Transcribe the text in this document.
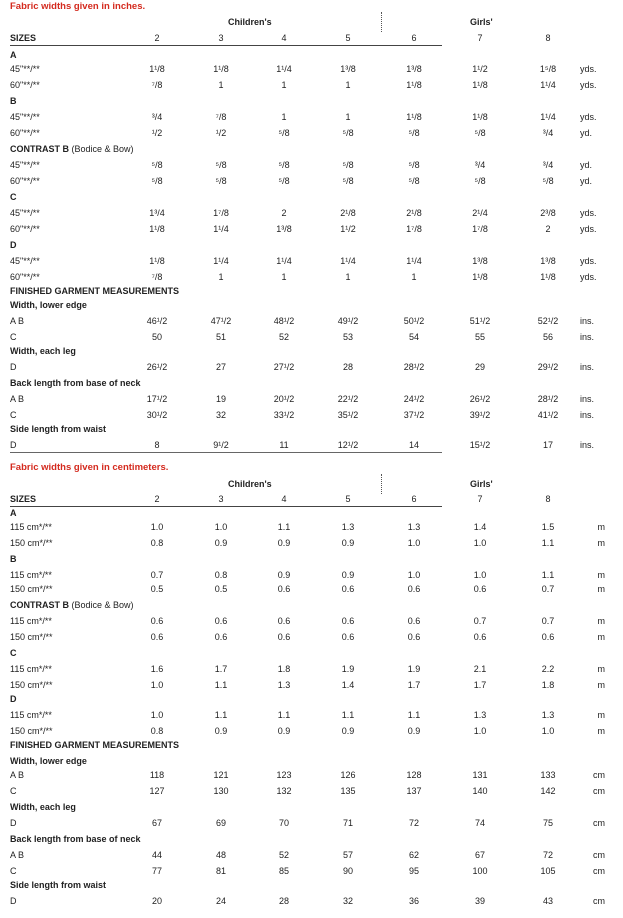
Fabric widths given in inches.
Children's	Girls'
SIZES	2	3	4	5	6	7	8
A
45"**/**	1¹/8	1¹/8	1¹/4	1³/8	1³/8	1¹/2	1⁵/8	yds.
60"**/**	⁷/8	1	1	1	1¹/8	1¹/8	1¹/4	yds.
B
45"**/**	³/4	⁷/8	1	1	1¹/8	1¹/8	1¹/4	yds.
60"**/**	¹/2	¹/2	⁵/8	⁵/8	⁵/8	⁵/8	³/4	yd.
CONTRAST B (Bodice & Bow)
45"**/**	⁵/8	⁵/8	⁵/8	⁵/8	⁵/8	³/4	³/4	yd.
60"**/**	⁵/8	⁵/8	⁵/8	⁵/8	⁵/8	⁵/8	⁵/8	yd.
C
45"**/**	1³/4	1⁷/8	2	2¹/8	2¹/8	2¹/4	2³/8	yds.
60"**/**	1¹/8	1¹/4	1³/8	1¹/2	1⁷/8	1⁷/8	2	yds.
D
45"**/**	1¹/8	1¹/4	1¹/4	1¹/4	1¹/4	1³/8	1³/8	yds.
60"**/**	⁷/8	1	1	1	1	1¹/8	1¹/8	yds.
FINISHED GARMENT MEASUREMENTS
Width, lower edge
A B	46¹/2	47¹/2	48¹/2	49¹/2	50¹/2	51¹/2	52¹/2	ins.
C	50	51	52	53	54	55	56	ins.
Width, each leg
D	26¹/2	27	27¹/2	28	28¹/2	29	29¹/2	ins.
Back length from base of neck
A B	17¹/2	19	20¹/2	22¹/2	24¹/2	26¹/2	28¹/2	ins.
C	30¹/2	32	33¹/2	35¹/2	37¹/2	39¹/2	41¹/2	ins.
Side length from waist
D	8	9¹/2	11	12¹/2	14	15¹/2	17	ins.
Fabric widths given in centimeters.
Children's	Girls'
SIZES	2	3	4	5	6	7	8
A
115 cm*/**	1.0	1.0	1.1	1.3	1.3	1.4	1.5	m
150 cm*/**	0.8	0.9	0.9	0.9	1.0	1.0	1.1	m
B
115 cm*/**	0.7	0.8	0.9	0.9	1.0	1.0	1.1	m
150 cm*/**	0.5	0.5	0.6	0.6	0.6	0.6	0.7	m
CONTRAST B (Bodice & Bow)
115 cm*/**	0.6	0.6	0.6	0.6	0.6	0.7	0.7	m
150 cm*/**	0.6	0.6	0.6	0.6	0.6	0.6	0.6	m
C
115 cm*/**	1.6	1.7	1.8	1.9	1.9	2.1	2.2	m
150 cm*/**	1.0	1.1	1.3	1.4	1.7	1.7	1.8	m
D
115 cm*/**	1.0	1.1	1.1	1.1	1.1	1.3	1.3	m
150 cm*/**	0.8	0.9	0.9	0.9	0.9	1.0	1.0	m
FINISHED GARMENT MEASUREMENTS
Width, lower edge
A B	118	121	123	126	128	131	133	cm
C	127	130	132	135	137	140	142	cm
Width, each leg
D	67	69	70	71	72	74	75	cm
Back length from base of neck
A B	44	48	52	57	62	67	72	cm
C	77	81	85	90	95	100	105	cm
Side length from waist
D	20	24	28	32	36	39	43	cm
